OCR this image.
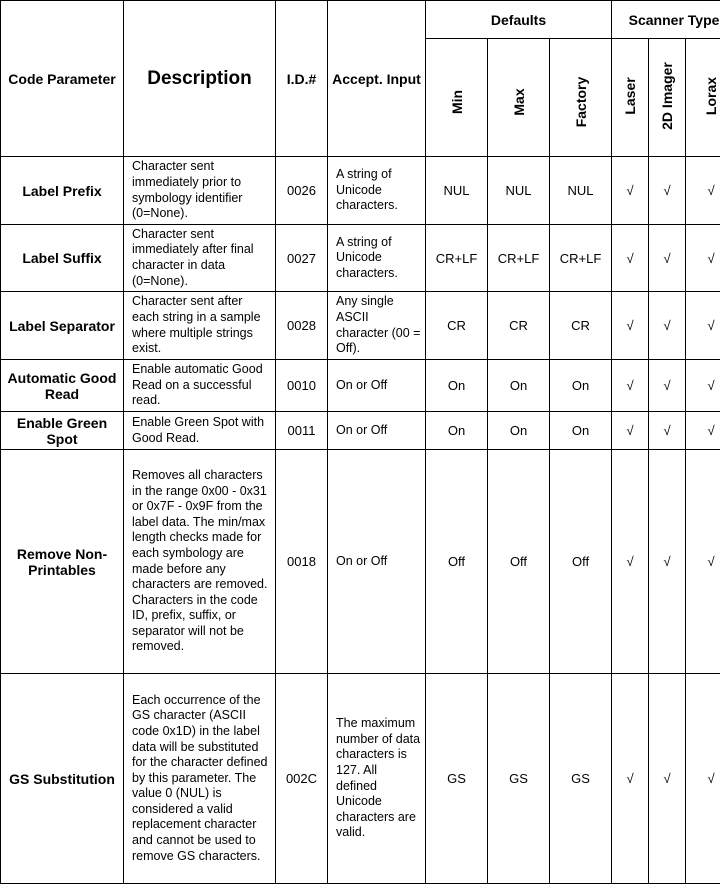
Code Parameter	Description	I.D.#	Accept. Input	Defaults			Scanner Type		

				Min	Max	Factory	Laser	2D Imager	Lorax

Label Prefix	Character sent immediately prior to symbology identifier (0=None).	0026	A string of Unicode characters.	NUL	NUL	NUL	√	√	√
Label Suffix	Character sent immediately after final character in data (0=None).	0027	A string of Unicode characters.	CR+LF	CR+LF	CR+LF	√	√	√
Label Separator	Character sent after each string in a sample where multiple strings exist.	0028	Any single ASCII character (00 = Off).	CR	CR	CR	√	√	√
Automatic Good Read	Enable automatic Good Read on a successful read.	0010	On or Off	On	On	On	√	√	√
Enable Green Spot	Enable Green Spot with Good Read.	0011	On or Off	On	On	On	√	√	√
Remove Non-Printables	Removes all characters in the range 0x00 - 0x31 or 0x7F - 0x9F from the label data. The min/max length checks made for each symbology are made before any characters are removed. Characters in the code ID, prefix, suffix, or separator will not be removed.	0018	On or Off	Off	Off	Off	√	√	√
GS Substitution	Each occurrence of the GS character (ASCII code 0x1D) in the label data will be substituted for the character defined by this parameter. The value 0 (NUL) is considered a valid replacement character and cannot be used to remove GS characters.	002C	The maximum number of data characters is 127. All defined Unicode characters are valid.	GS	GS	GS	√	√	√
